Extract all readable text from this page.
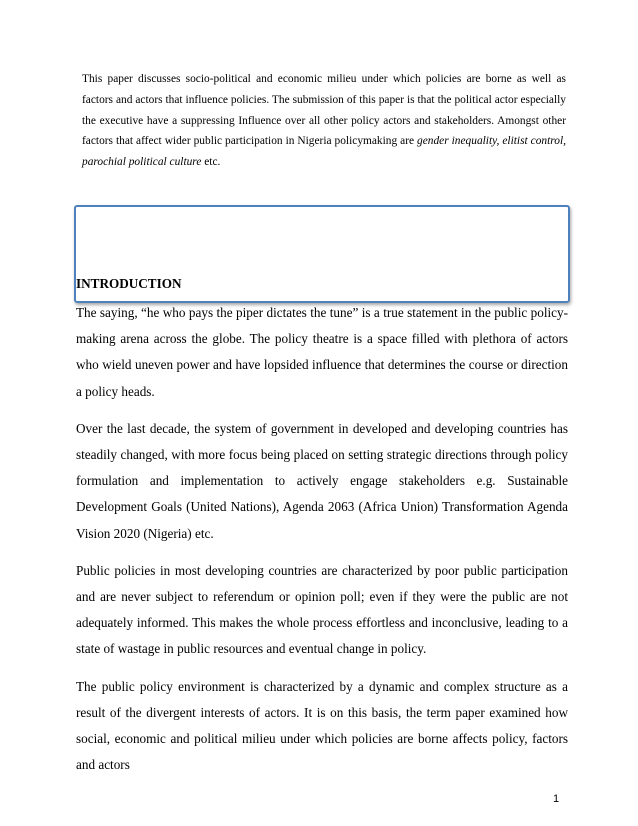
This paper discusses socio-political and economic milieu under which policies are borne as well as factors and actors that influence policies. The submission of this paper is that the political actor especially the executive have a suppressing Influence over all other policy actors and stakeholders. Amongst other factors that affect wider public participation in Nigeria policymaking are gender inequality, elitist control, parochial political culture etc.

INTRODUCTION

The saying, “he who pays the piper dictates the tune” is a true statement in the public policy-making arena across the globe. The policy theatre is a space filled with plethora of actors who wield uneven power and have lopsided influence that determines the course or direction a policy heads.

Over the last decade, the system of government in developed and developing countries has steadily changed, with more focus being placed on setting strategic directions through policy formulation and implementation to actively engage stakeholders e.g. Sustainable Development Goals (United Nations), Agenda 2063 (Africa Union) Transformation Agenda Vision 2020 (Nigeria) etc.

Public policies in most developing countries are characterized by poor public participation and are never subject to referendum or opinion poll; even if they were the public are not adequately informed. This makes the whole process effortless and inconclusive, leading to a state of wastage in public resources and eventual change in policy.

The public policy environment is characterized by a dynamic and complex structure as a result of the divergent interests of actors. It is on this basis, the term paper examined how social, economic and political milieu under which policies are borne affects policy, factors and actors

1
